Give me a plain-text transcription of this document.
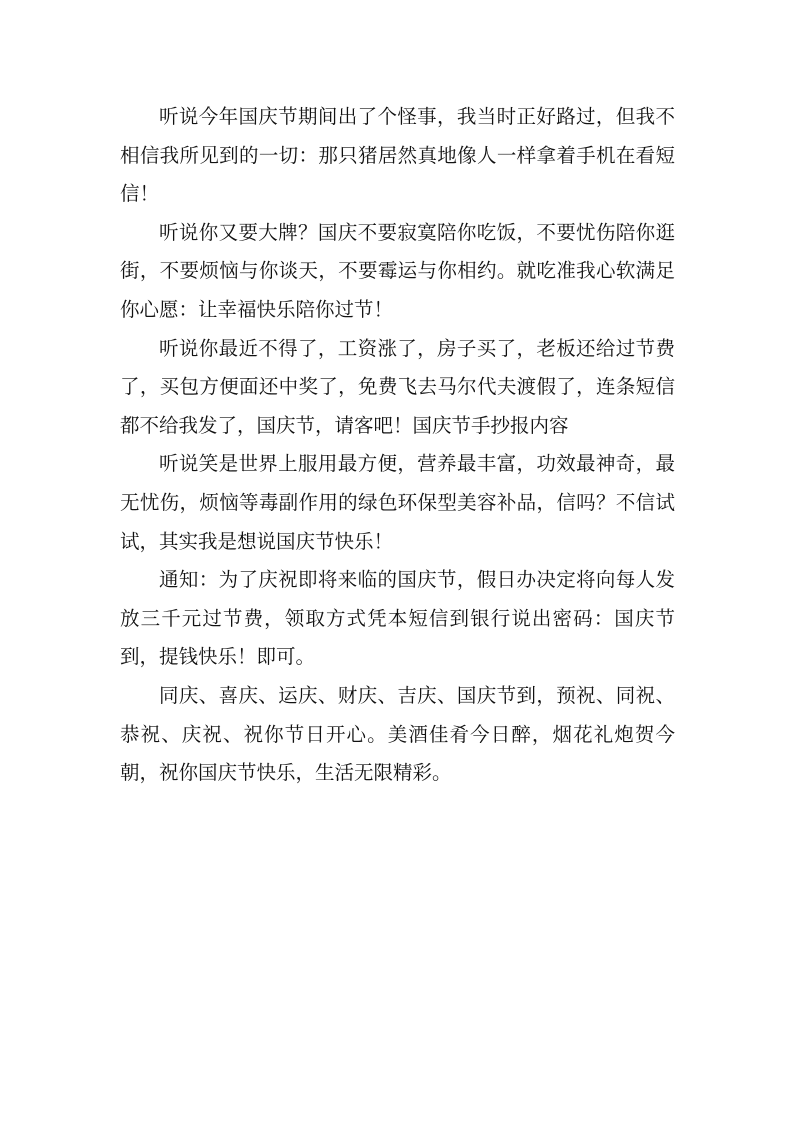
听说今年国庆节期间出了个怪事，我当时正好路过，但我不相信我所见到的一切：那只猪居然真地像人一样拿着手机在看短信！

听说你又要大牌？国庆不要寂寞陪你吃饭，不要忧伤陪你逛街，不要烦恼与你谈天，不要霉运与你相约。就吃准我心软满足你心愿：让幸福快乐陪你过节！

听说你最近不得了，工资涨了，房子买了，老板还给过节费了，买包方便面还中奖了，免费飞去马尔代夫渡假了，连条短信都不给我发了，国庆节，请客吧！国庆节手抄报内容

听说笑是世界上服用最方便，营养最丰富，功效最神奇，最无忧伤，烦恼等毒副作用的绿色环保型美容补品，信吗？不信试试，其实我是想说国庆节快乐！

通知：为了庆祝即将来临的国庆节，假日办决定将向每人发放三千元过节费，领取方式凭本短信到银行说出密码：国庆节到，提钱快乐！即可。

同庆、喜庆、运庆、财庆、吉庆、国庆节到，预祝、同祝、恭祝、庆祝、祝你节日开心。美酒佳肴今日醉，烟花礼炮贺今朝，祝你国庆节快乐，生活无限精彩。
